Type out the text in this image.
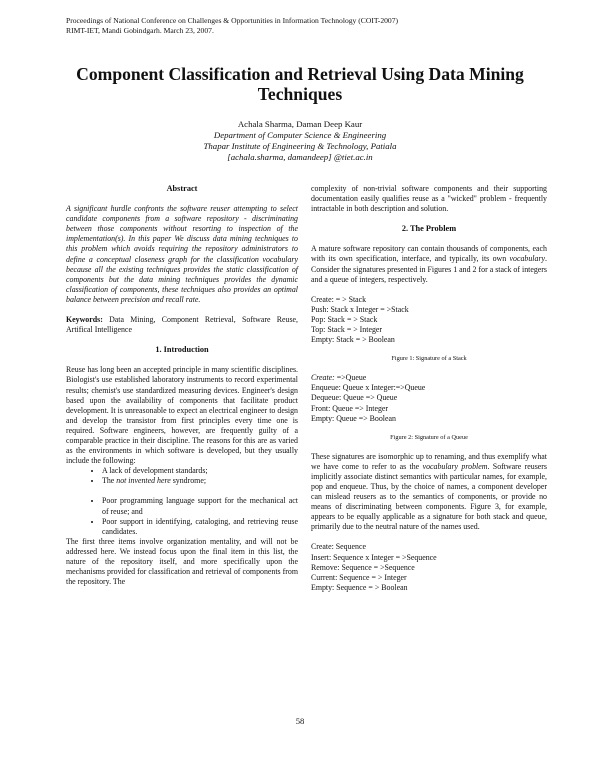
Proceedings of National Conference on Challenges & Opportunities in Information Technology (COIT-2007)
RIMT-IET, Mandi Gobindgarh. March 23, 2007.
Component Classification and Retrieval Using Data Mining Techniques
Achala Sharma, Daman Deep Kaur
Department of Computer Science & Engineering
Thapar Institute of Engineering & Technology, Patiala
[achala.sharma, damandeep] @tiet.ac.in
Abstract

A significant hurdle confronts the software reuser attempting to select candidate components from a software repository - discriminating between those components without resorting to inspection of the implementation(s). In this paper We discuss data mining techniques to this problem which avoids requiring the repository administrators to define a conceptual closeness graph for the classification vocabulary because all the existing techniques provides the static classification of components but the data mining techniques provides the dynamic classification of components, these techniques also provides an optimal balance between precision and recall rate.

Keywords: Data Mining, Component Retrieval, Software Reuse, Artifical Intelligence

1. Introduction

Reuse has long been an accepted principle in many scientific disciplines. Biologist's use established laboratory instruments to record experimental results; chemist's use standardized measuring devices. Engineer's design based upon the availability of components that facilitate product development. It is unreasonable to expect an electrical engineer to design and develop the transistor from first principles every time one is required. Software engineers, however, are frequently guilty of a comparable practice in their discipline. The reasons for this are as varied as the environments in which software is developed, but they usually include the following:

• A lack of development standards;
• The not invented here syndrome;
• Poor programming language support for the mechanical act of reuse; and
• Poor support in identifying, cataloging, and retrieving reuse candidates.

The first three items involve organization mentality, and will not be addressed here. We instead focus upon the final item in this list, the nature of the repository itself, and more specifically upon the mechanisms provided for classification and retrieval of components from the repository. The

complexity of non-trivial software components and their supporting documentation easily qualifies reuse as a "wicked" problem - frequently intractable in both description and solution.

2. The Problem

A mature software repository can contain thousands of components, each with its own specification, interface, and typically, its own vocabulary. Consider the signatures presented in Figures 1 and 2 for a stack of integers and a queue of integers, respectively.

Create: = > Stack
Push: Stack x Integer = >Stack
Pop: Stack = > Stack
Top: Stack = > Integer
Empty: Stack = > Boolean
Figure 1: Signature of a Stack
Create: =>Queue
Enqueue: Queue x Integer:=>Queue
Dequeue: Queue => Queue
Front: Queue => Integer
Empty: Queue => Boolean
Figure 2: Signature of a Queue

These signatures are isomorphic up to renaming, and thus exemplify what we have come to refer to as the vocabulary problem. Software reusers implicitly associate distinct semantics with particular names, for example, pop and enqueue. Thus, by the choice of names, a component developer can mislead reusers as to the semantics of components, or provide no means of discriminating between components. Figure 3, for example, appears to be equally applicable as a signature for both stack and queue, primarily due to the neutral nature of the names used.

Create: Sequence
Insert: Sequence x Integer = >Sequence
Remove: Sequence = >Sequence
Current: Sequence = > Integer
Empty: Sequence = > Boolean
58
